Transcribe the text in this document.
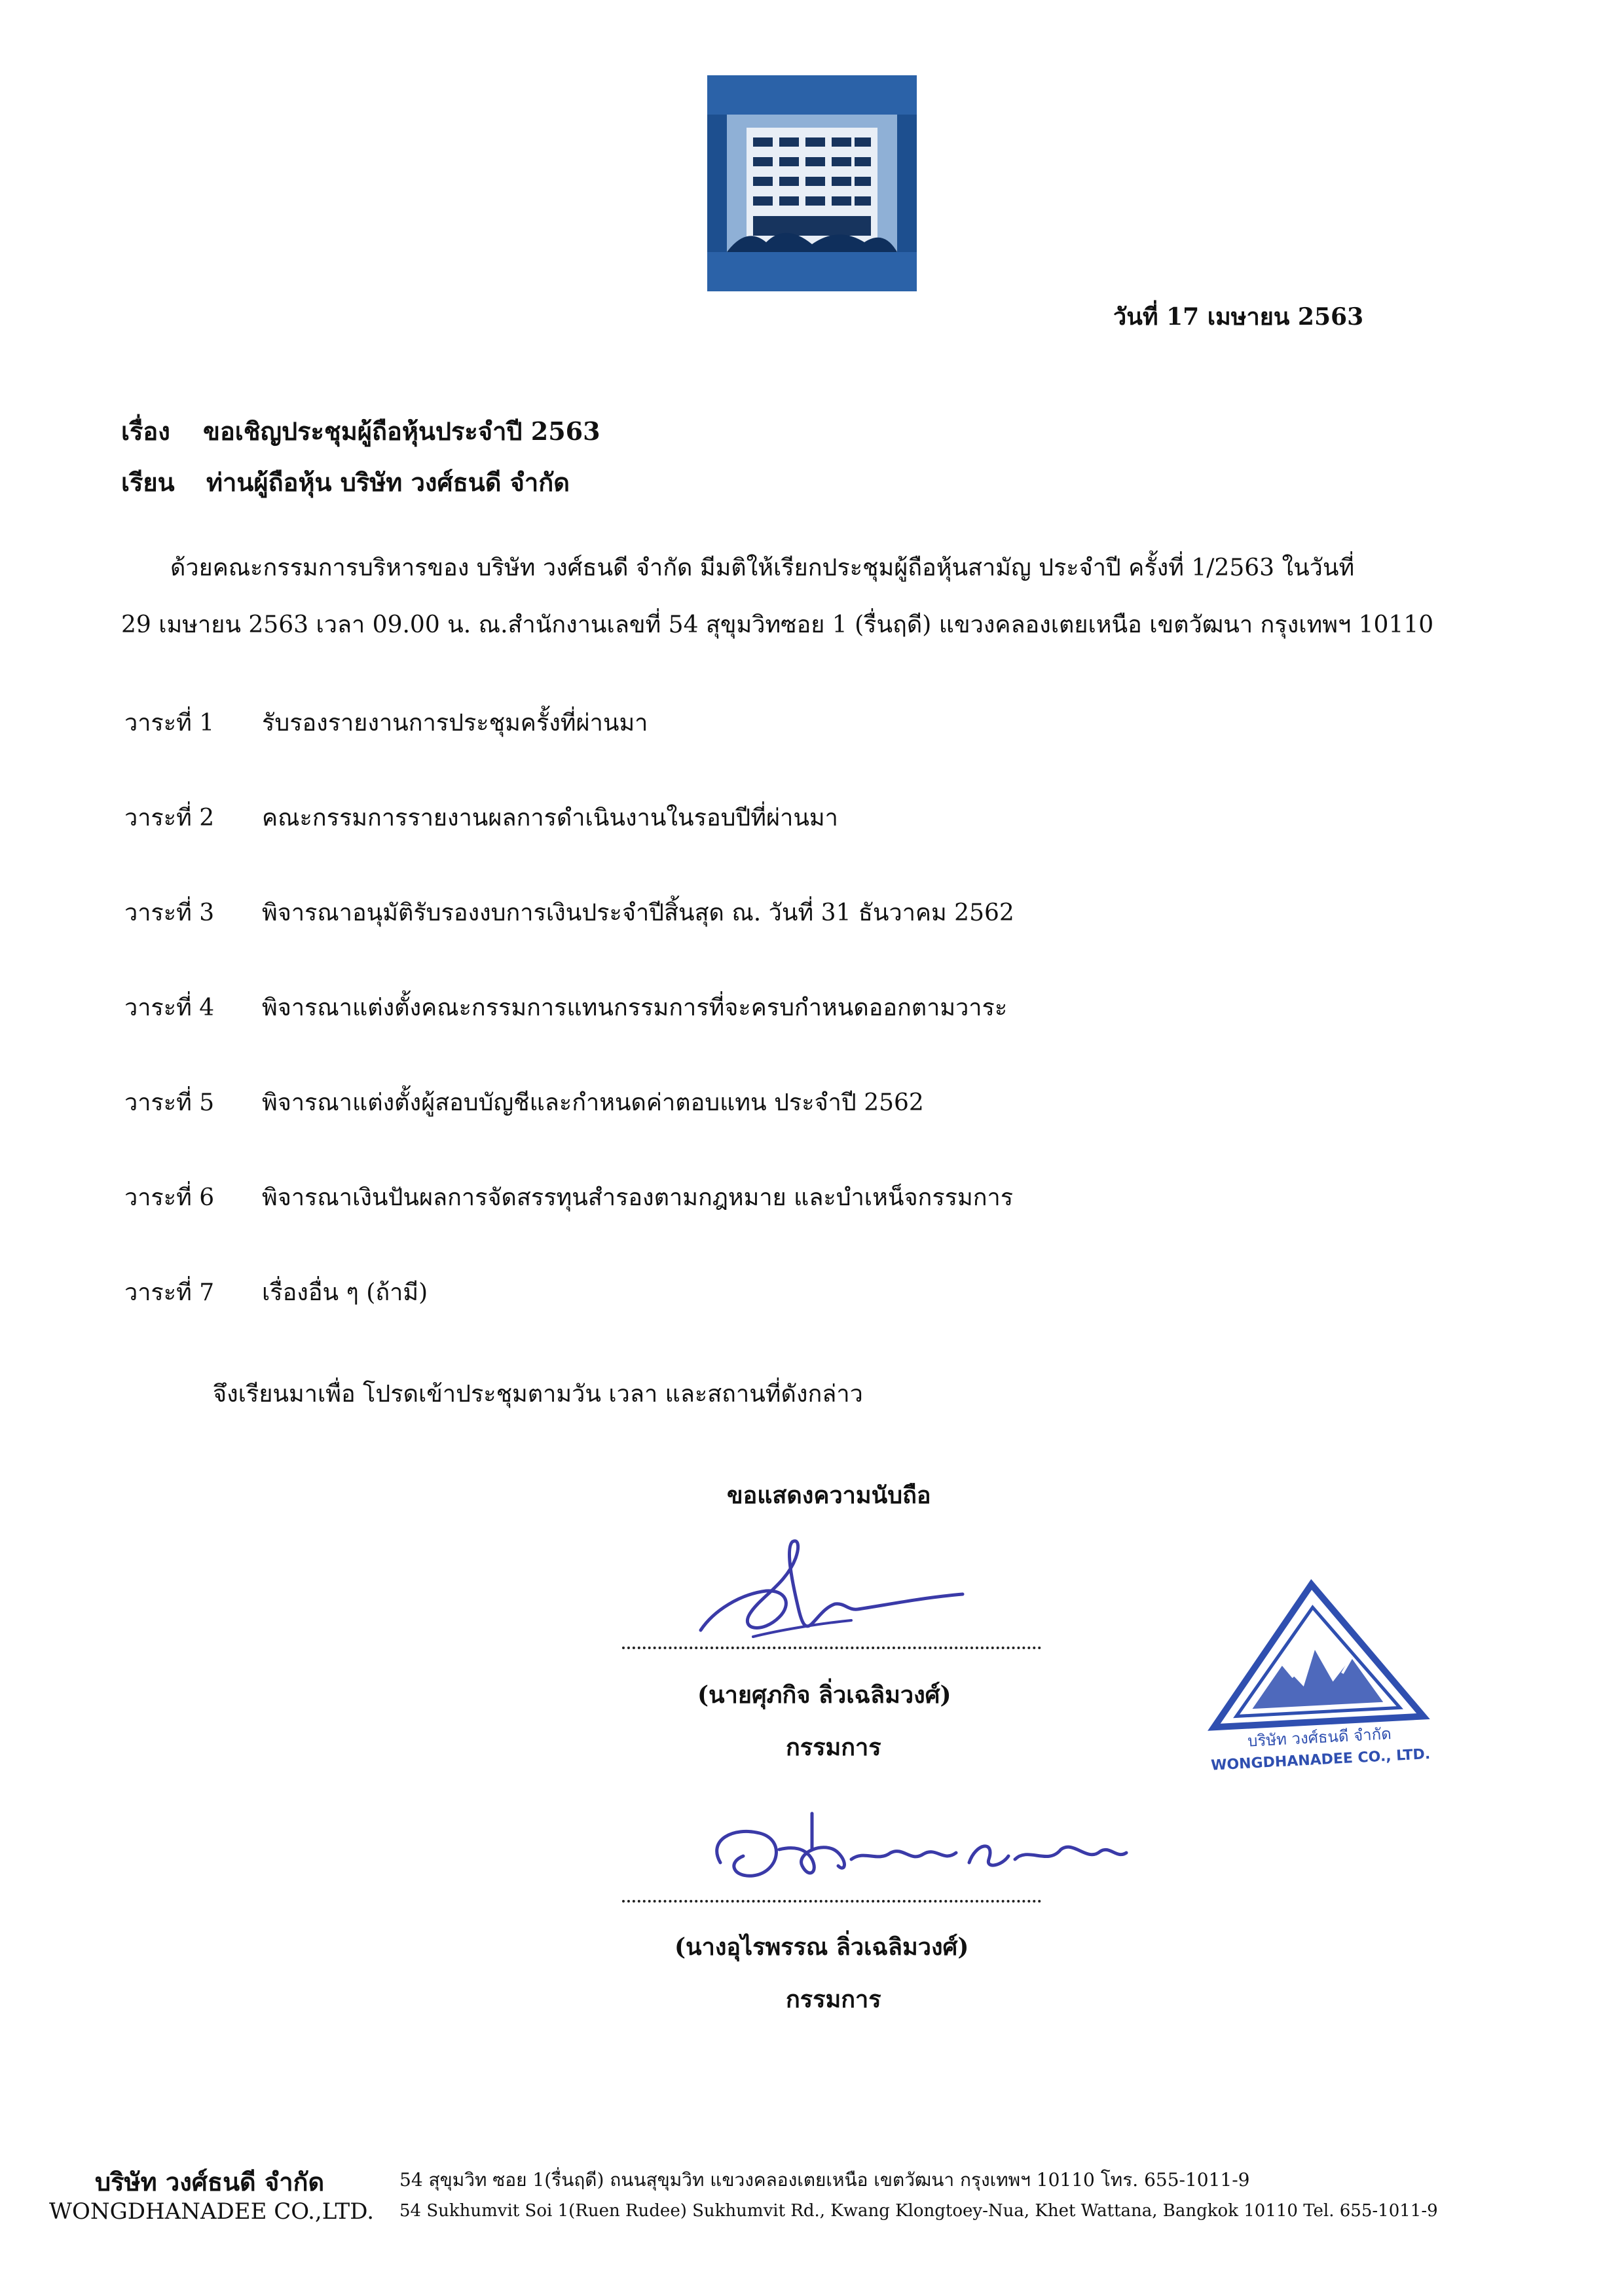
วันที่ 17 เมษายน 2563
เรื่อง ขอเชิญประชุมผู้ถือหุ้นประจำปี 2563
เรียน ท่านผู้ถือหุ้น บริษัท วงศ์ธนดี จำกัด
ด้วยคณะกรรมการบริหารของ บริษัท วงศ์ธนดี จำกัด มีมติให้เรียกประชุมผู้ถือหุ้นสามัญ ประจำปี ครั้งที่ 1/2563 ในวันที่
29 เมษายน 2563 เวลา 09.00 น. ณ.สำนักงานเลขที่ 54 สุขุมวิทซอย 1 (รื่นฤดี) แขวงคลองเตยเหนือ เขตวัฒนา กรุงเทพฯ 10110
วาระที่ 1 รับรองรายงานการประชุมครั้งที่ผ่านมา
วาระที่ 2 คณะกรรมการรายงานผลการดำเนินงานในรอบปีที่ผ่านมา
วาระที่ 3 พิจารณาอนุมัติรับรองงบการเงินประจำปีสิ้นสุด ณ. วันที่ 31 ธันวาคม 2562
วาระที่ 4 พิจารณาแต่งตั้งคณะกรรมการแทนกรรมการที่จะครบกำหนดออกตามวาระ
วาระที่ 5 พิจารณาแต่งตั้งผู้สอบบัญชีและกำหนดค่าตอบแทน ประจำปี 2562
วาระที่ 6 พิจารณาเงินปันผลการจัดสรรทุนสำรองตามกฎหมาย และบำเหน็จกรรมการ
วาระที่ 7 เรื่องอื่น ๆ (ถ้ามี)
จึงเรียนมาเพื่อ โปรดเข้าประชุมตามวัน เวลา และสถานที่ดังกล่าว
ขอแสดงความนับถือ
(นายศุภกิจ ลิ่วเฉลิมวงศ์)
กรรมการ
(นางอุไรพรรณ ลิ่วเฉลิมวงศ์)
กรรมการ
บริษัท วงศ์ธนดี จำกัด
WONGDHANADEE CO., LTD.
บริษัท วงศ์ธนดี จำกัด	54 สุขุมวิท ซอย 1(รื่นฤดี) ถนนสุขุมวิท แขวงคลองเตยเหนือ เขตวัฒนา กรุงเทพฯ 10110 โทร. 655-1011-9
WONGDHANADEE CO.,LTD. 54 Sukhumvit Soi 1(Ruen Rudee) Sukhumvit Rd., Kwang Klongtoey-Nua, Khet Wattana, Bangkok 10110 Tel. 655-1011-9
